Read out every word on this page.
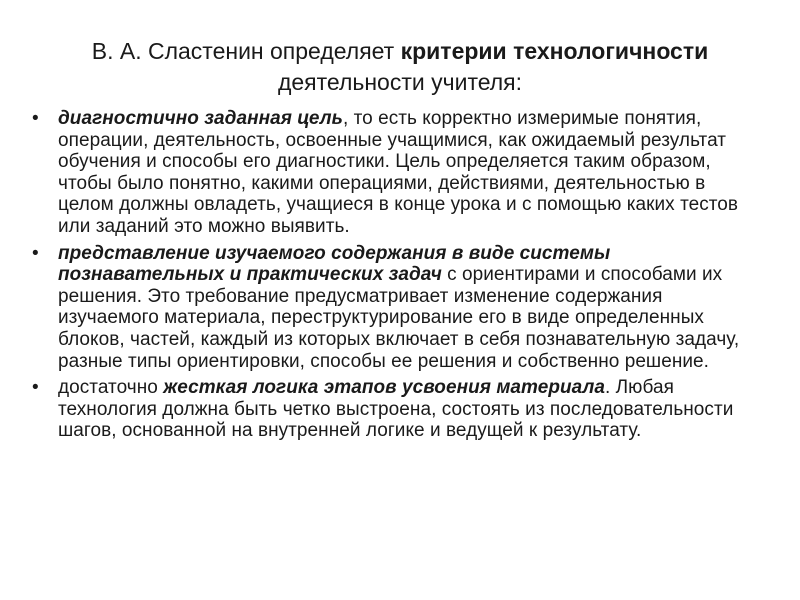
В. А. Сластенин определяет критерии технологичности деятельности учителя:
• диагностично заданная цель, то есть корректно измеримые понятия, операции, деятельность, освоенные учащимися, как ожидаемый результат обучения и способы его диагностики. Цель определяется таким образом, чтобы было понятно, какими операциями, действиями, деятельностью в целом должны овладеть, учащиеся в конце урока и с помощью каких тестов или заданий это можно выявить.
• представление изучаемого содержания в виде системы познавательных и практических задач с ориентирами и способами их решения. Это требование предусматривает изменение содержания изучаемого материала, переструктурирование его в виде определенных блоков, частей, каждый из которых включает в себя познавательную задачу, разные типы ориентировки, способы ее решения и собственно решение.
• достаточно жесткая логика этапов усвоения материала. Любая технология должна быть четко выстроена, состоять из последовательности шагов, основанной на внутренней логике и ведущей к результату.
